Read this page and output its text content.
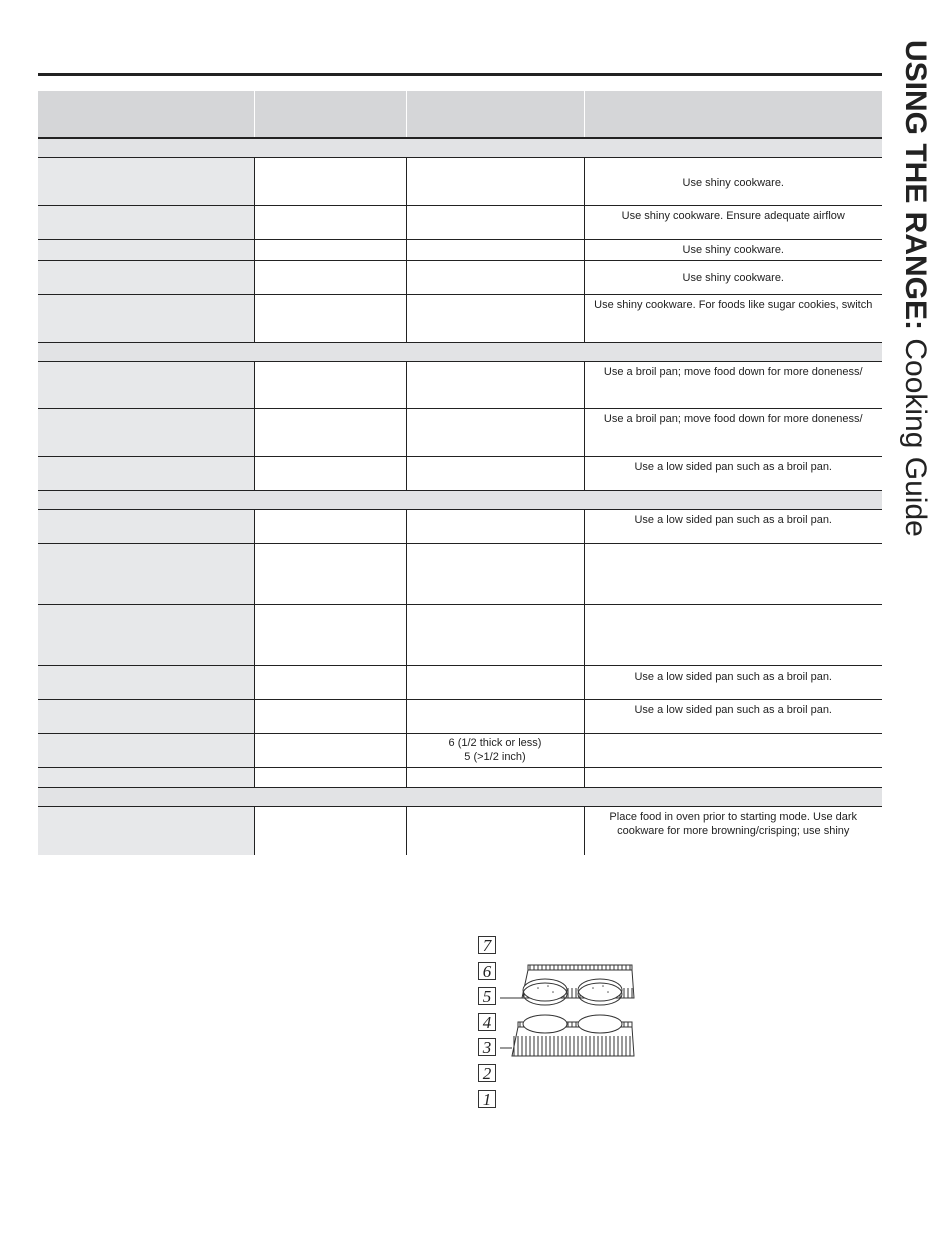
USING THE RANGE: Cooking Guide

			Use shiny cookware.

			Use shiny cookware. Ensure adequate airflow

			Use shiny cookware.

			Use shiny cookware.

			Use shiny cookware. For foods like sugar cookies, switch

			Use a broil pan; move food down for more doneness/

			Use a broil pan; move food down for more doneness/

			Use a low sided pan such as a broil pan.

			Use a low sided pan such as a broil pan.

			Use a low sided pan such as a broil pan.

			Use a low sided pan such as a broil pan.

		6 (1/2 thick or less)
5 (>1/2 inch)	

			Place food in oven prior to starting mode. Use dark cookware for more browning/crisping; use shiny
7
6
5
4
3
2
1
